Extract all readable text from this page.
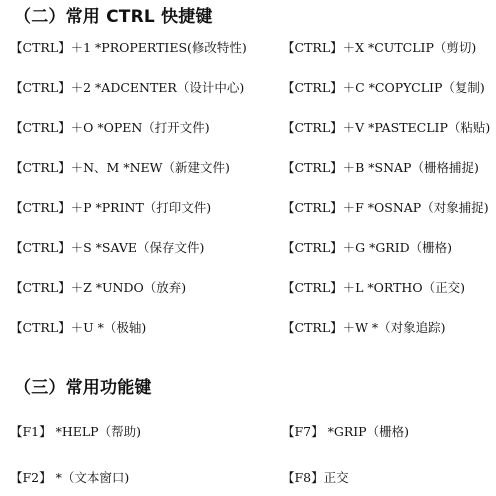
（二）常用 CTRL 快捷键
【CTRL】＋1 *PROPERTIES(修改特性)
【CTRL】＋2 *ADCENTER（设计中心)
【CTRL】＋O *OPEN（打开文件)
【CTRL】＋N、M *NEW（新建文件)
【CTRL】＋P *PRINT（打印文件)
【CTRL】＋S *SAVE（保存文件)
【CTRL】＋Z *UNDO（放弃)
【CTRL】＋U *（极轴)
【CTRL】＋X *CUTCLIP（剪切)
【CTRL】＋C *COPYCLIP（复制)
【CTRL】＋V *PASTECLIP（粘贴)
【CTRL】＋B *SNAP（栅格捕捉)
【CTRL】＋F *OSNAP（对象捕捉)
【CTRL】＋G *GRID（栅格)
【CTRL】＋L *ORTHO（正交)
【CTRL】＋W *（对象追踪)
（三）常用功能键
【F1】 *HELP（帮助)	【F7】 *GRIP（栅格)
【F2】 *（文本窗口)	【F8】正交
